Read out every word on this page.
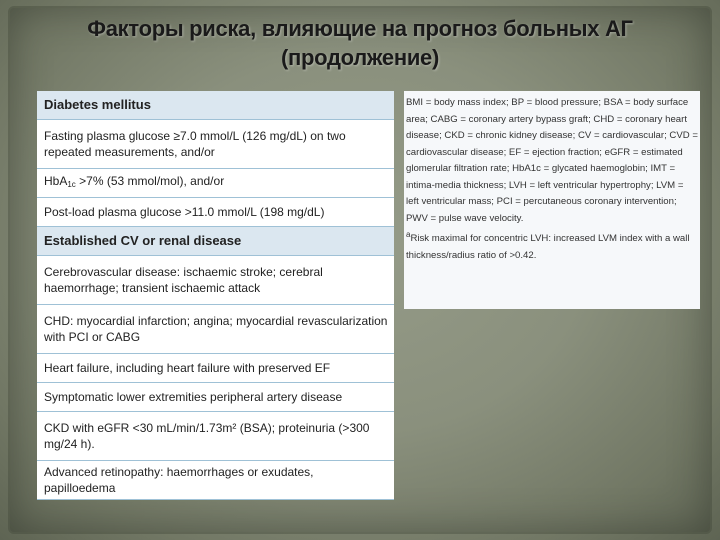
Факторы риска, влияющие на прогноз больных АГ
(продолжение)
Diabetes mellitus
Fasting plasma glucose ≥7.0 mmol/L (126 mg/dL) on two repeated measurements, and/or
HbA$_{1c}$ >7% (53 mmol/mol), and/or
Post-load plasma glucose >11.0 mmol/L (198 mg/dL)
Established CV or renal disease
Cerebrovascular disease: ischaemic stroke; cerebral haemorrhage; transient ischaemic attack
CHD: myocardial infarction; angina; myocardial revascularization with PCI or CABG
Heart failure, including heart failure with preserved EF
Symptomatic lower extremities peripheral artery disease
CKD with eGFR <30 mL/min/1.73m² (BSA); proteinuria (>300 mg/24 h).
Advanced retinopathy: haemorrhages or exudates, papilloedema

BMI = body mass index; BP = blood pressure; BSA = body surface area; CABG = coronary artery bypass graft; CHD = coronary heart disease; CKD = chronic kidney disease; CV = cardiovascular; CVD = cardiovascular disease; EF = ejection fraction; eGFR = estimated glomerular filtration rate; HbA1c = glycated haemoglobin; IMT = intima-media thickness; LVH = left ventricular hypertrophy; LVM = left ventricular mass; PCI = percutaneous coronary intervention; PWV = pulse wave velocity.

$^a$Risk maximal for concentric LVH: increased LVM index with a wall thickness/radius ratio of >0.42.
